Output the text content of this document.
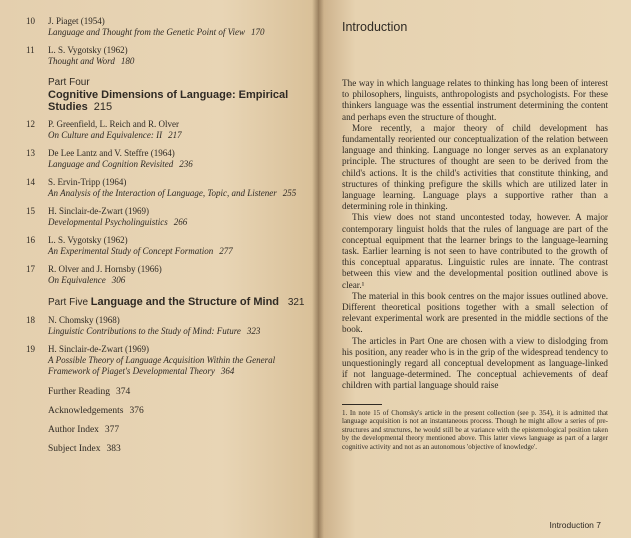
10	J. Piaget (1954)
Language and Thought from the Genetic Point of View 170
11	L. S. Vygotsky (1962)
Thought and Word 180
Part Four
Cognitive Dimensions of Language: Empirical Studies 215
12	P. Greenfield, L. Reich and R. Olver
On Culture and Equivalence: II 217
13	De Lee Lantz and V. Steffre (1964)
Language and Cognition Revisited 236
14	S. Ervin-Tripp (1964)
An Analysis of the Interaction of Language, Topic, and Listener 255
15	H. Sinclair-de-Zwart (1969)
Developmental Psycholinguistics 266
16	L. S. Vygotsky (1962)
An Experimental Study of Concept Formation 277
17	R. Olver and J. Hornsby (1966)
On Equivalence 306
Part Five Language and the Structure of Mind 321
18	N. Chomsky (1968)
Linguistic Contributions to the Study of Mind: Future 323
19	H. Sinclair-de-Zwart (1969)
A Possible Theory of Language Acquisition Within the General Framework of Piaget's Developmental Theory 364
Further Reading 374
Acknowledgements 376
Author Index 377
Subject Index 383
Introduction

The way in which language relates to thinking has long been of interest to philosophers, linguists, anthropologists and psychologists. For these thinkers language was the essential instrument determining the content and perhaps even the structure of thought.

More recently, a major theory of child development has fundamentally reoriented our conceptualization of the relation between language and thinking. Language no longer serves as an explanatory principle. The structures of thought are seen to be derived from the child's actions. It is the child's activities that constitute thinking, and structures of thinking prefigure the skills which are utilized later in language learning. Language plays a supportive rather than a determining role in thinking.

This view does not stand uncontested today, however. A major contemporary linguist holds that the rules of language are part of the conceptual equipment that the learner brings to the language-learning task. Earlier learning is not seen to have contributed to the growth of this conceptual apparatus. Linguistic rules are innate. The contrast between this view and the developmental position outlined above is clear.¹

The material in this book centres on the major issues outlined above. Different theoretical positions together with a small selection of relevant experimental work are presented in the middle sections of the book.

The articles in Part One are chosen with a view to dislodging from his position, any reader who is in the grip of the widespread tendency to unquestioningly regard all conceptual development as language-linked if not language-determined. The conceptual achievements of deaf children with partial language should raise

1. In note 15 of Chomsky's article in the present collection (see p. 354), it is admitted that language acquisition is not an instantaneous process. Though he might allow a series of pre-structures and structures, he would still be at variance with the epistemological position taken by the developmental theory mentioned above. This latter views language as part of a larger cognitive activity and not as an autonomous 'objective of knowledge'.
Introduction 7
